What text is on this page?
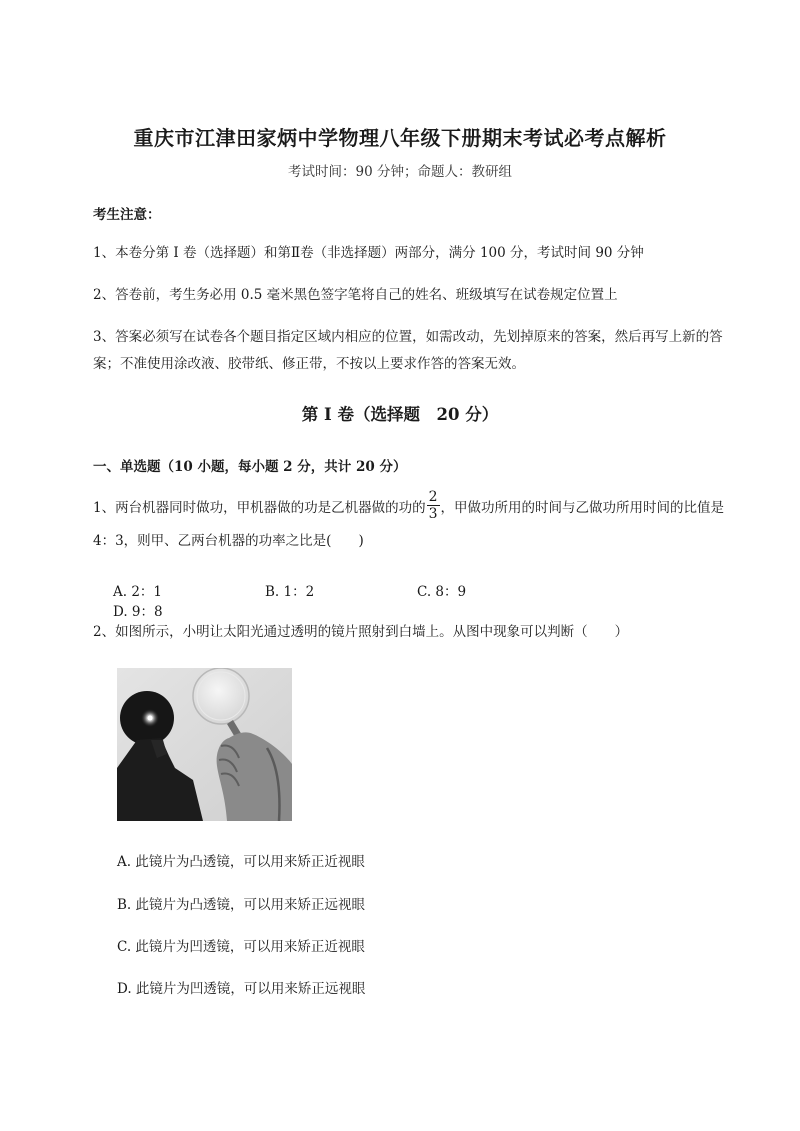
重庆市江津田家炳中学物理八年级下册期末考试必考点解析
考试时间：90 分钟；命题人：教研组
考生注意：
1、本卷分第 I 卷（选择题）和第Ⅱ卷（非选择题）两部分，满分 100 分，考试时间 90 分钟
2、答卷前，考生务必用 0.5 毫米黑色签字笔将自己的姓名、班级填写在试卷规定位置上
3、答案必须写在试卷各个题目指定区域内相应的位置，如需改动，先划掉原来的答案，然后再写上新的答案；不准使用涂改液、胶带纸、修正带，不按以上要求作答的答案无效。
第 I 卷（选择题　20 分）
一、单选题（10 小题，每小题 2 分，共计 20 分）
1、两台机器同时做功，甲机器做的功是乙机器做的功的 $\frac{2}{3}$ ，甲做功所用的时间与乙做功所用时间的比值是 4：3，则甲、乙两台机器的功率之比是(　　)
A. 2：1	B. 1：2	C. 8：9D. 9：8
2、如图所示，小明让太阳光通过透明的镜片照射到白墙上。从图中现象可以判断（　　）
A. 此镜片为凸透镜，可以用来矫正近视眼
B. 此镜片为凸透镜，可以用来矫正远视眼
C. 此镜片为凹透镜，可以用来矫正近视眼
D. 此镜片为凹透镜，可以用来矫正远视眼
